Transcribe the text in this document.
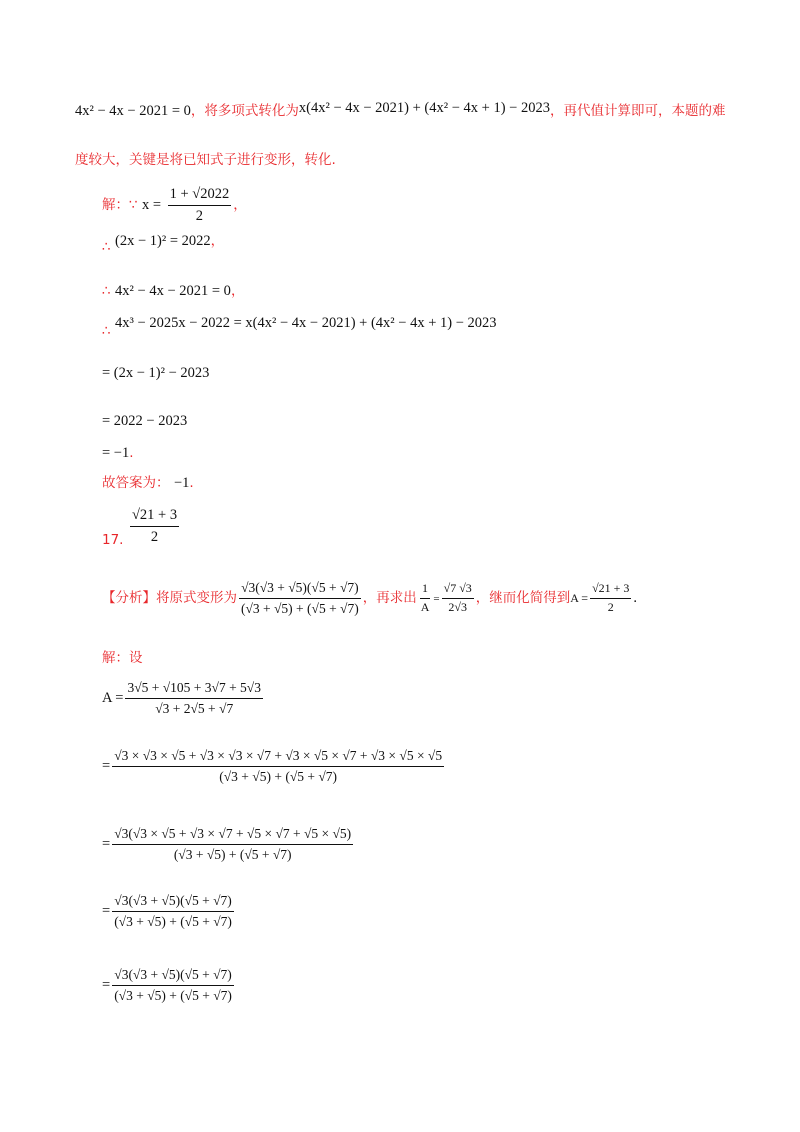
4x² − 4x − 2021 = 0，将多项式转化为x(4x² − 4x − 2021) + (4x² − 4x + 1) − 2023，再代值计算即可，本题的难
度较大，关键是将已知式子进行变形，转化.
解：∵ $x = \frac{1 + √2022}{2}$ ，
∴ (2x − 1)² = 2022，
∴ 4x² − 4x − 2021 = 0，
∴ 4x³ − 2025x − 2022 = x(4x² − 4x − 2021) + (4x² − 4x + 1) − 2023
= (2x − 1)² − 2023
= 2022 − 2023
= −1.
故答案为： −1.
17. $\frac{√21 + 3}{2}$
【分析】将原式变形为 $\frac{√3(√3 + √5)(√5 + √7)}{(√3 + √5) + (√5 + √7)}$ ，再求出 $\frac{1}{A} = \frac{√7 √3}{2√3}$ ，继而化简得到$A = \frac{√21 + 3}{2}$ .
解：设
$A = \frac{3√5 + √105 + 3√7 + 5√3}{√3 + 2√5 + √7}$
= $\frac{√3 \times √3 \times √5 + √3 \times √3 \times √7 + √3 \times √5 \times √7 + √3 \times √5 \times √5}{(√3 + √5) + (√5 + √7)}$
= $\frac{√3(√3 \times √5 + √3 \times √7 + √5 \times √7 + √5 \times √5)}{(√3 + √5) + (√5 + √7)}$
= $\frac{√3(√3 + √5)(√5 + √7)}{(√3 + √5) + (√5 + √7)}$
= $\frac{√3(√3 + √5)(√5 + √7)}{(√3 + √5) + (√5 + √7)}$
